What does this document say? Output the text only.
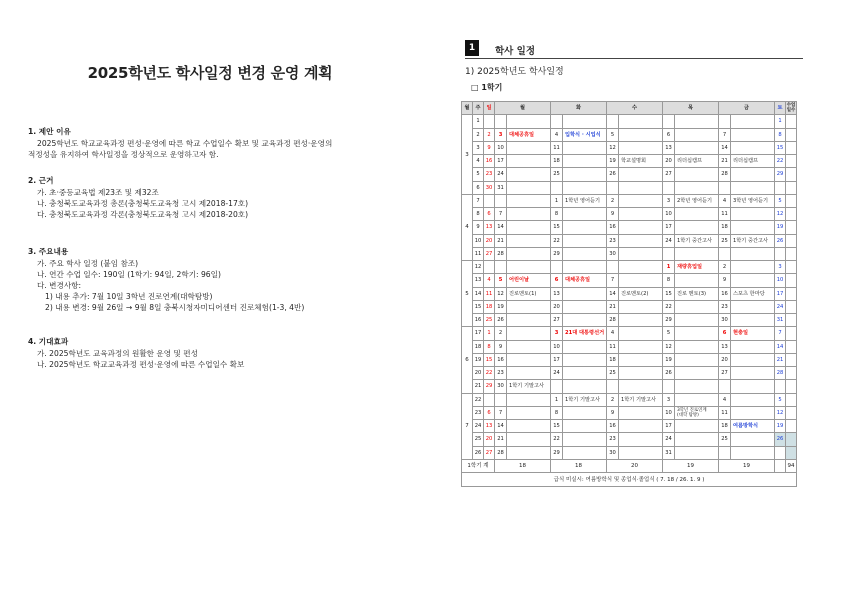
2025학년도 학사일정 변경 운영 계획
1. 제안 이유
2025학년도 학교교육과정 편성·운영에 따른 학교 수업일수 확보 및 교육과정 편성·운영의
적정성을 유지하여 학사일정을 정상적으로 운영하고자 함.
2. 근거
가. 초·중등교육법 제23조 및 제32조
나. 충청북도교육과정 총론(충청북도교육청 고시 제2018-17호)
다. 충청북도교육과정 각론(충청북도교육청 고시 제2018-20호)
3. 주요내용
가. 주요 학사 일정 (붙임 참조)
나. 연간 수업 일수: 190일 (1학기: 94일, 2학기: 96일)
다. 변경사항:
1) 내용 추가: 7월 10일 3학년 진로연계(대학탐방)
2) 내용 변경: 9월 26일 → 9월 8일 충북시청자미디어센터 진로체험(1-3, 4반)
4. 기대효과
가. 2025학년도 교육과정의 원활한 운영 및 편성
나. 2025학년도 학교교육과정 편성·운영에 따른 수업일수 확보
1	학사 일정
1) 2025학년도 학사일정
□ 1학기
월	주	일	월		화		수		목		금		토	수업
일수
3	1												1	
	2	2	3	대체공휴일	4	입학식 · 시업식	5		6		7		8	
	3	9	10		11		12		13		14		15	
	4	16	17		18		19	학교설명회	20	리더십캠프	21	리더십캠프	22	
	5	23	24		25		26		27		28		29	
	6	30	31											
4	7				1	1학년 영어듣기	2		3	2학년 영어듣기	4	3학년 영어듣기	5	
	8	6	7		8		9		10		11		12	
	9	13	14		15		16		17		18		19	
	10	20	21		22		23		24	1학기 중간고사	25	1학기 중간고사	26	
	11	27	28		29		30							
5	12								1	재량휴업일	2		3	
	13	4	5	어린이날	6	대체공휴일	7		8		9		10	
	14	11	12	진로멘토(1)	13		14	진로멘토(2)	15	진로 멘토(3)	16	스포츠 한마당	17	
	15	18	19		20		21		22		23		24	
	16	25	26		27		28		29		30		31	
6	17	1	2		3	21대 대통령선거	4		5		6	현충일	7	
	18	8	9		10		11		12		13		14	
	19	15	16		17		18		19		20		21	
	20	22	23		24		25		26		27		28	
	21	29	30	1학기 기말고사										
7	22				1	1학기 기말고사	2	1학기 기말고사	3		4		5	
	23	6	7		8		9		10	3학년 진로연계
(대학 탐방)	11		12	
	24	13	14		15		16		17		18	여름방학식	19	
	25	20	21		22		23		24		25		26	
	26	27	28		29		30		31					
1학기 계			18		18		20		19		19			94
급식 미실시: 여름방학식 및 종업식·졸업식 ( 7. 18 / 26. 1. 9 )														
